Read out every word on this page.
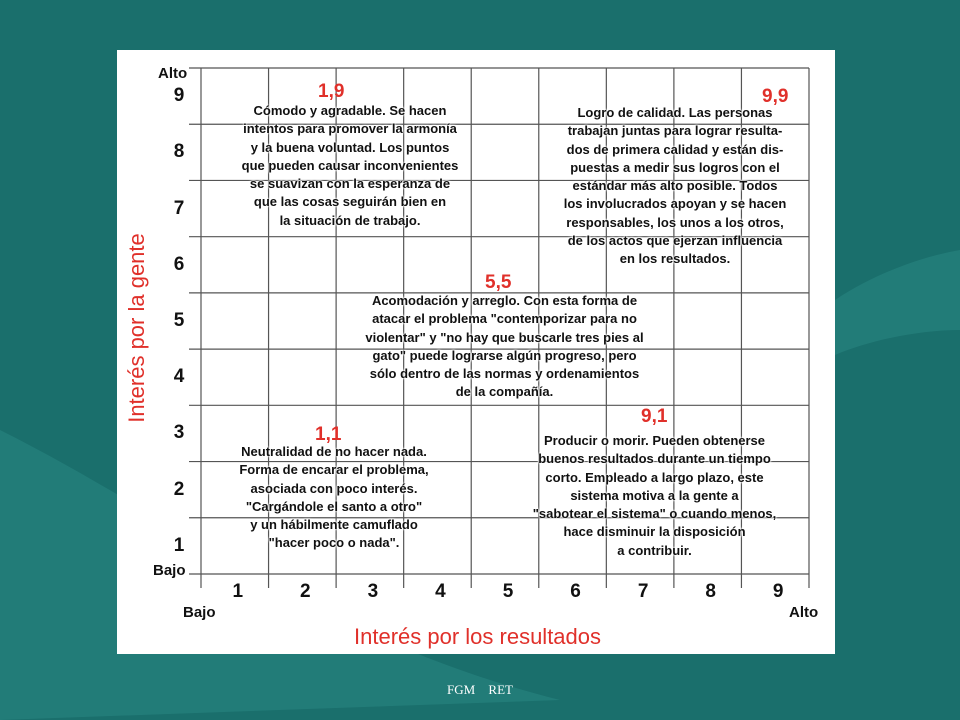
Alto
Bajo
Bajo	Alto
1
2
3
4
5
6
7
8
9
1	2	3	4	5	6	7	8	9
Interés por los resultados
Interés por la gente
1,9	9,9
5,5
1,1
9,1
Cómodo y agradable. Se hacen
intentos para promover la armonía
y la buena voluntad. Los puntos
que pueden causar inconvenientes
se suavizan con la esperanza de
que las cosas seguirán bien en
la situación de trabajo.
Logro de calidad. Las personas
trabajan juntas para lograr resulta-
dos de primera calidad y están dis-
puestas a medir sus logros con el
estándar más alto posible. Todos
los involucrados apoyan y se hacen
responsables, los unos a los otros,
de los actos que ejerzan influencia
en los resultados.
Acomodación y arreglo. Con esta forma de
atacar el problema "contemporizar para no
violentar" y "no hay que buscarle tres pies al
gato" puede lograrse algún progreso, pero
sólo dentro de las normas y ordenamientos
de la compañía.
Neutralidad de no hacer nada.
Forma de encarar el problema,
asociada con poco interés.
"Cargándole el santo a otro"
y un hábilmente camuflado
"hacer poco o nada".
Producir o morir. Pueden obtenerse
buenos resultados durante un tiempo
corto. Empleado a largo plazo, este
sistema motiva a la gente a
"sabotear el sistema" o cuando menos,
hace disminuir la disposición
a contribuir.
FGM RET
